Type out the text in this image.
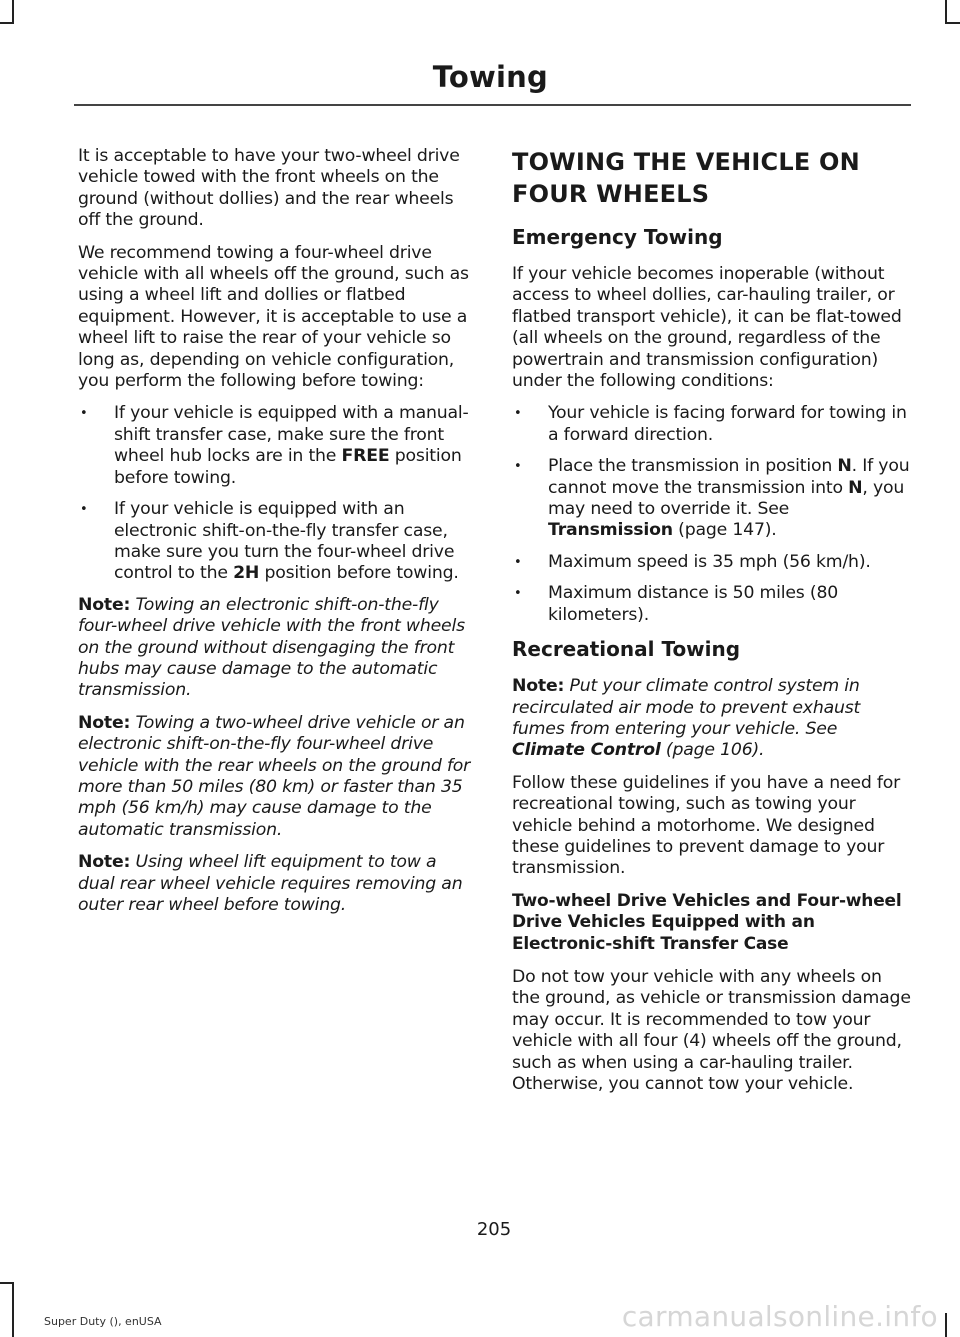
Towing

It is acceptable to have your two-wheel drive vehicle towed with the front wheels on the ground (without dollies) and the rear wheels off the ground.

We recommend towing a four-wheel drive vehicle with all wheels off the ground, such as using a wheel lift and dollies or flatbed equipment. However, it is acceptable to use a wheel lift to raise the rear of your vehicle so long as, depending on vehicle configuration, you perform the following before towing:

• If your vehicle is equipped with a manual-shift transfer case, make sure the front wheel hub locks are in the FREE position before towing.
• If your vehicle is equipped with an electronic shift-on-the-fly transfer case, make sure you turn the four-wheel drive control to the 2H position before towing.

Note: Towing an electronic shift-on-the-fly four-wheel drive vehicle with the front wheels on the ground without disengaging the front hubs may cause damage to the automatic transmission.

Note: Towing a two-wheel drive vehicle or an electronic shift-on-the-fly four-wheel drive vehicle with the rear wheels on the ground for more than 50 miles (80 km) or faster than 35 mph (56 km/h) may cause damage to the automatic transmission.

Note: Using wheel lift equipment to tow a dual rear wheel vehicle requires removing an outer rear wheel before towing.

TOWING THE VEHICLE ON
FOUR WHEELS
Emergency Towing

If your vehicle becomes inoperable (without access to wheel dollies, car-hauling trailer, or flatbed transport vehicle), it can be flat-towed (all wheels on the ground, regardless of the powertrain and transmission configuration) under the following conditions:

• Your vehicle is facing forward for towing in a forward direction.
• Place the transmission in position N. If you cannot move the transmission into N, you may need to override it. See Transmission (page 147).
• Maximum speed is 35 mph (56 km/h).
• Maximum distance is 50 miles (80 kilometers).
Recreational Towing

Note: Put your climate control system in recirculated air mode to prevent exhaust fumes from entering your vehicle. See Climate Control (page 106).

Follow these guidelines if you have a need for recreational towing, such as towing your vehicle behind a motorhome. We designed these guidelines to prevent damage to your transmission.

Two-wheel Drive Vehicles and Four-wheel Drive Vehicles Equipped with an Electronic-shift Transfer Case

Do not tow your vehicle with any wheels on the ground, as vehicle or transmission damage may occur. It is recommended to tow your vehicle with all four (4) wheels off the ground, such as when using a car-hauling trailer. Otherwise, you cannot tow your vehicle.

205
Super Duty (), enUSA	carmanualsonline.info
